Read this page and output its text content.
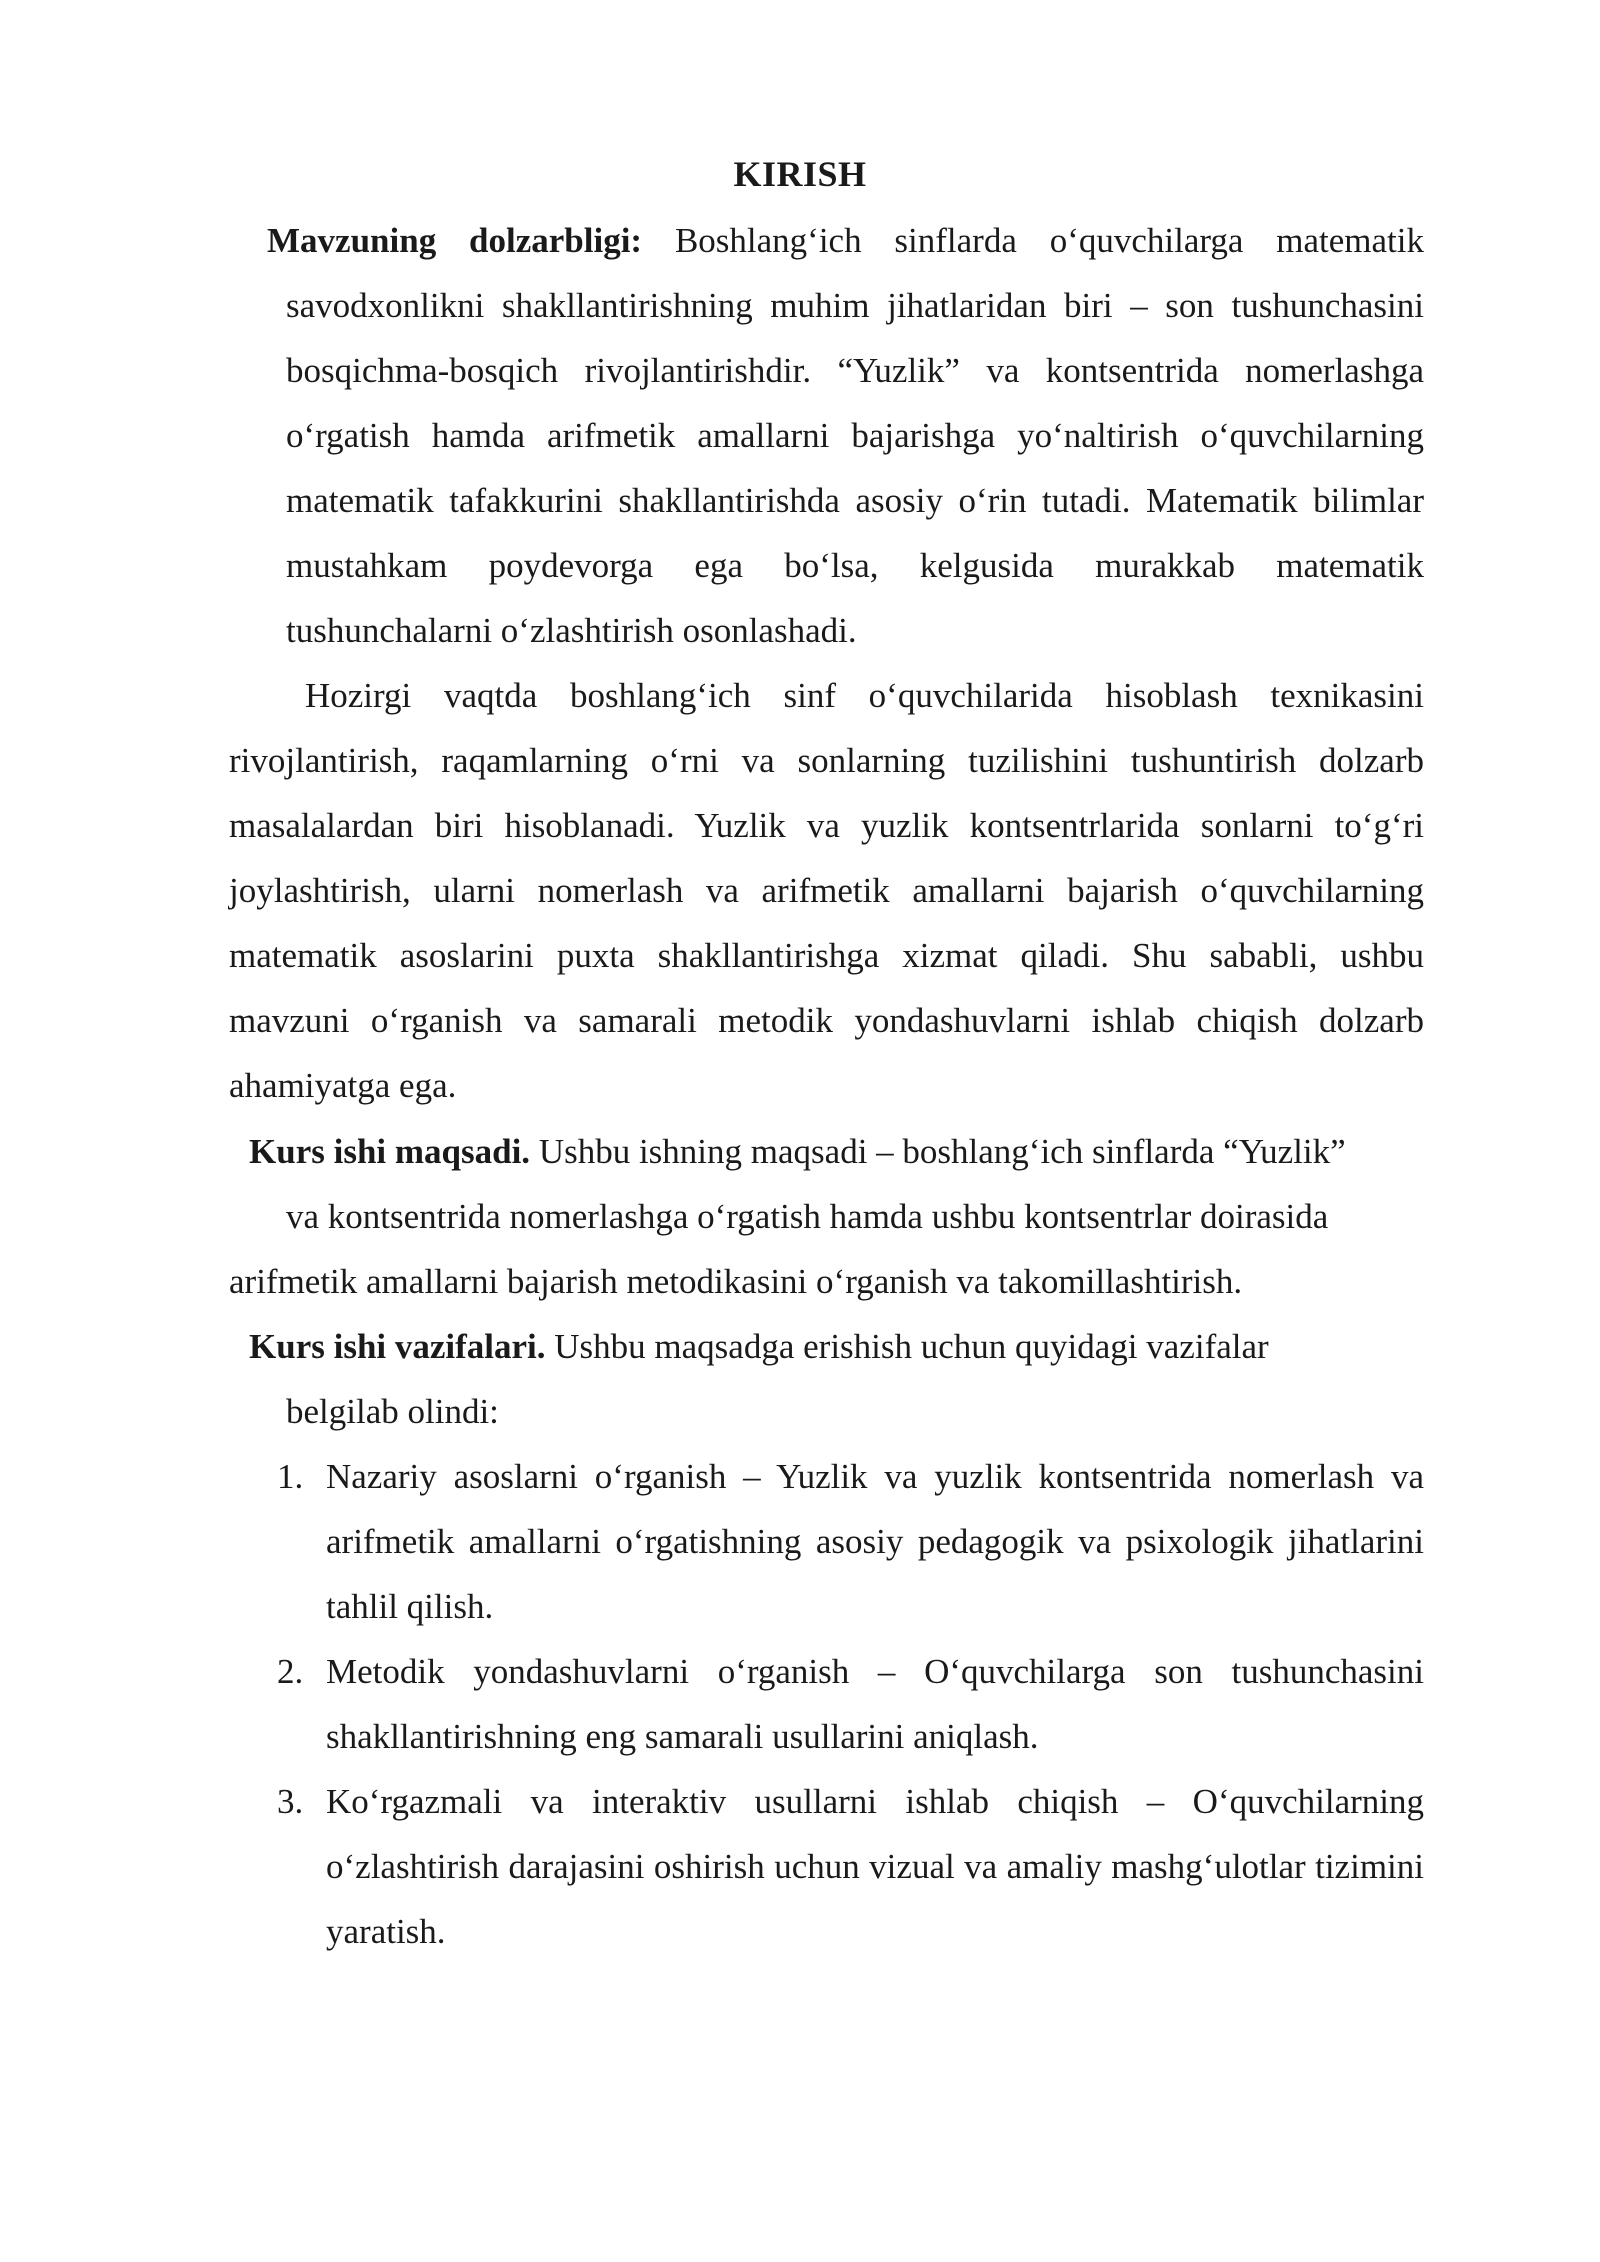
KIRISH
Mavzuning dolzarbligi: Boshlang‘ich sinflarda o‘quvchilarga matematik savodxonlikni shakllantirishning muhim jihatlaridan biri – son tushunchasini bosqichma-bosqich rivojlantirishdir. “Yuzlik” va kontsentrida nomerlashga o‘rgatish hamda arifmetik amallarni bajarishga yo‘naltirish o‘quvchilarning matematik tafakkurini shakllantirishda asosiy o‘rin tutadi. Matematik bilimlar mustahkam poydevorga ega bo‘lsa, kelgusida murakkab matematik tushunchalarni o‘zlashtirish osonlashadi.
Hozirgi vaqtda boshlang‘ich sinf o‘quvchilarida hisoblash texnikasini rivojlantirish, raqamlarning o‘rni va sonlarning tuzilishini tushuntirish dolzarb masalalardan biri hisoblanadi. Yuzlik va yuzlik kontsentrlarida sonlarni to‘g‘ri joylashtirish, ularni nomerlash va arifmetik amallarni bajarish o‘quvchilarning matematik asoslarini puxta shakllantirishga xizmat qiladi. Shu sababli, ushbu mavzuni o‘rganish va samarali metodik yondashuvlarni ishlab chiqish dolzarb ahamiyatga ega.
Kurs ishi maqsadi. Ushbu ishning maqsadi – boshlang‘ich sinflarda “Yuzlik”
va kontsentrida nomerlashga o‘rgatish hamda ushbu kontsentrlar doirasida
arifmetik amallarni bajarish metodikasini o‘rganish va takomillashtirish.
Kurs ishi vazifalari. Ushbu maqsadga erishish uchun quyidagi vazifalar
belgilab olindi:
1. Nazariy asoslarni o‘rganish – Yuzlik va yuzlik kontsentrida nomerlash va arifmetik amallarni o‘rgatishning asosiy pedagogik va psixologik jihatlarini tahlil qilish.
2. Metodik yondashuvlarni o‘rganish – O‘quvchilarga son tushunchasini shakllantirishning eng samarali usullarini aniqlash.
3. Ko‘rgazmali va interaktiv usullarni ishlab chiqish – O‘quvchilarning o‘zlashtirish darajasini oshirish uchun vizual va amaliy mashg‘ulotlar tizimini yaratish.
